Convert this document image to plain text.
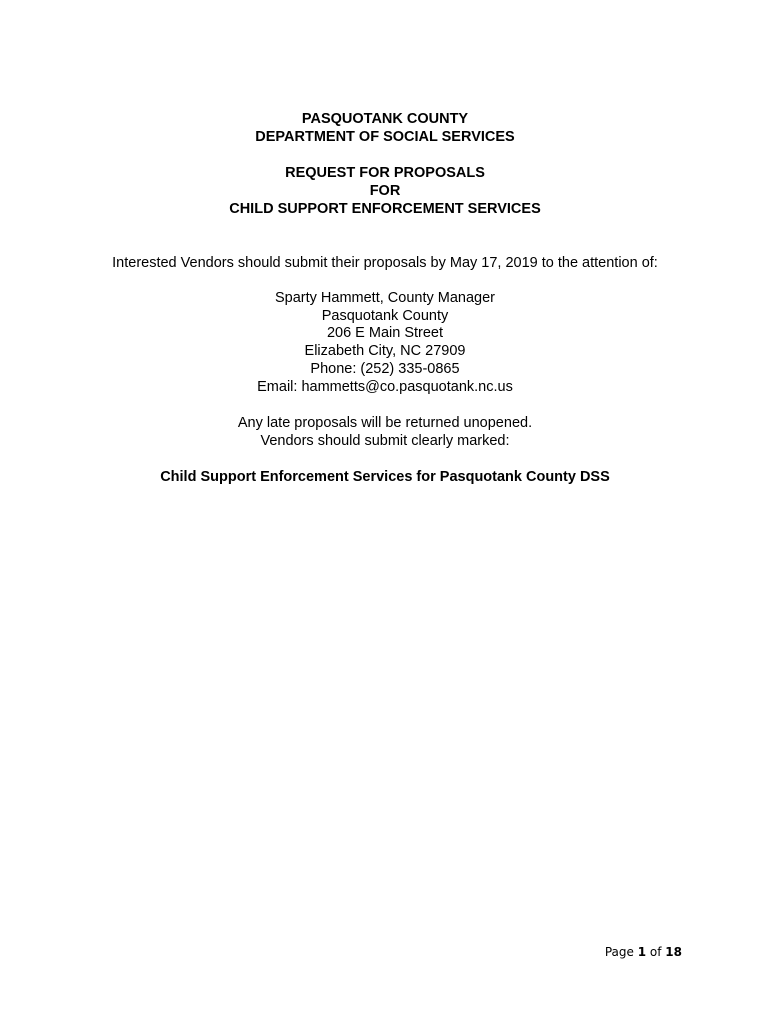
PASQUOTANK COUNTY
DEPARTMENT OF SOCIAL SERVICES
REQUEST FOR PROPOSALS
FOR
CHILD SUPPORT ENFORCEMENT SERVICES
Interested Vendors should submit their proposals by May 17, 2019 to the attention of:
Sparty Hammett, County Manager
Pasquotank County
206 E Main Street
Elizabeth City, NC 27909
Phone: (252) 335-0865
Email: hammetts@co.pasquotank.nc.us
Any late proposals will be returned unopened.
Vendors should submit clearly marked:
Child Support Enforcement Services for Pasquotank County DSS
Page 1 of 18
